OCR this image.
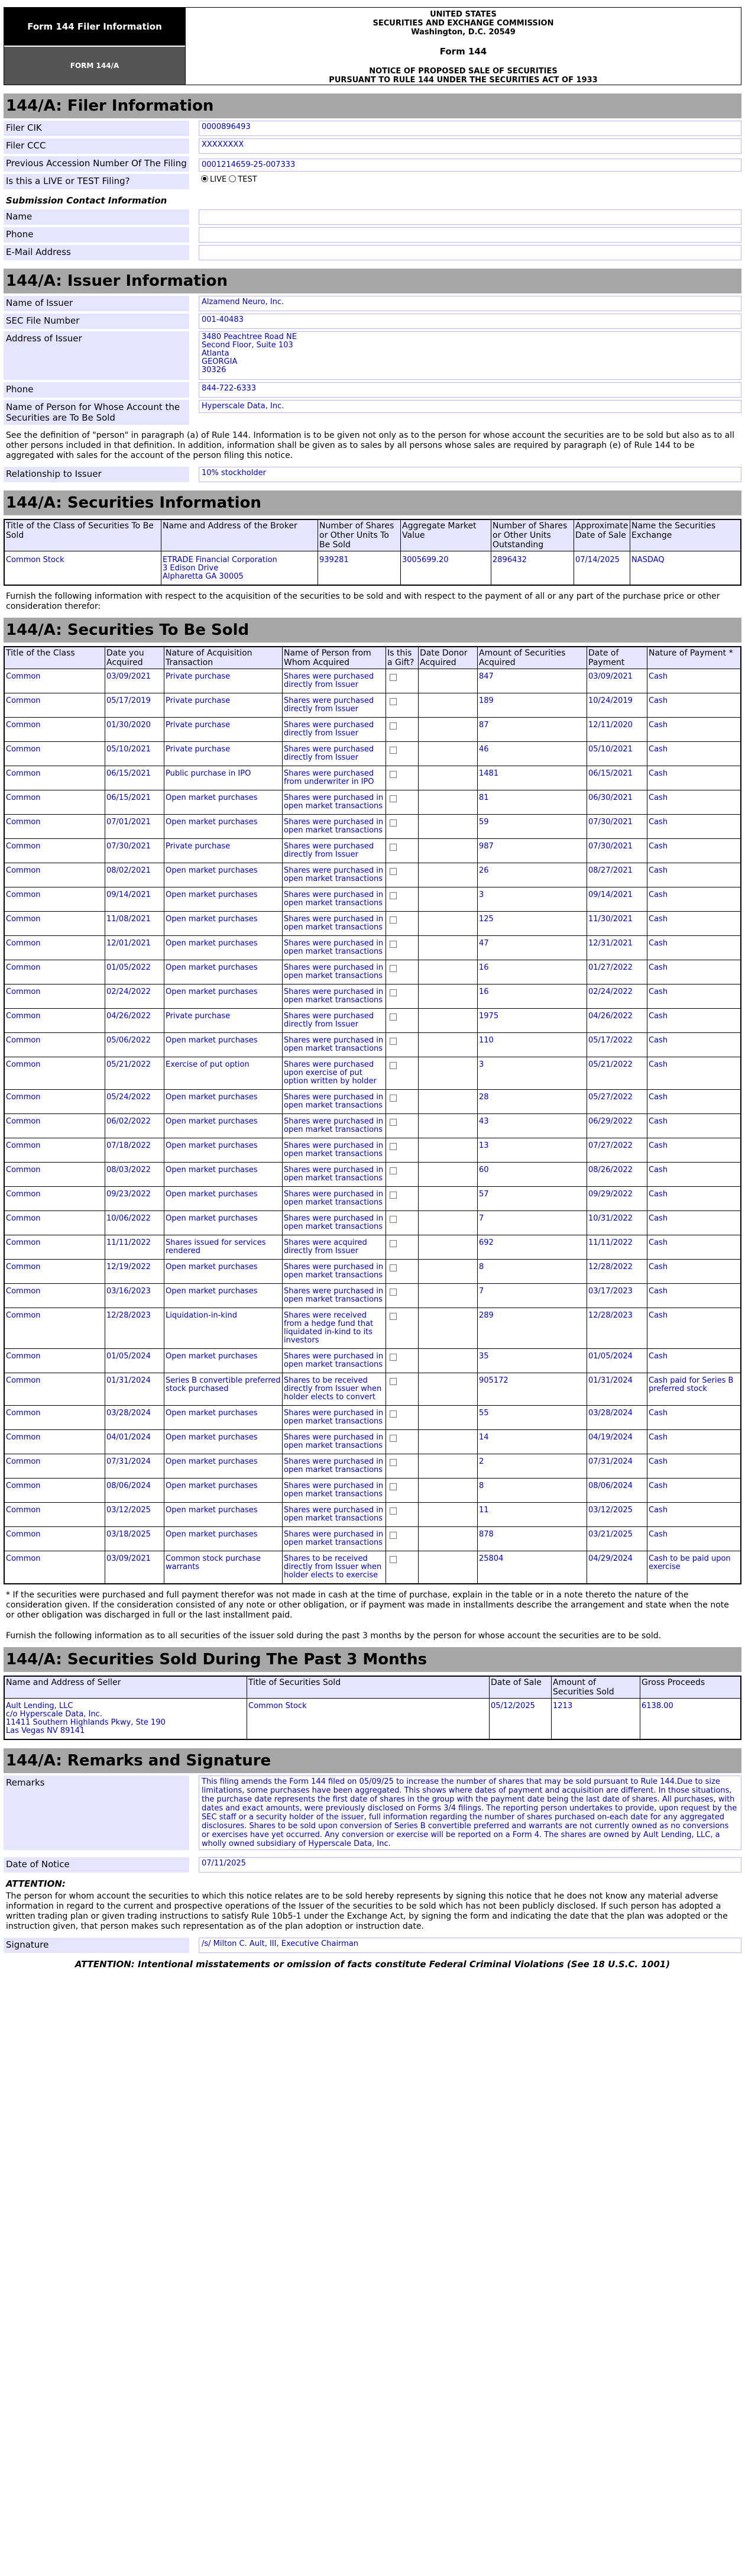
Form 144 Filer Information
FORM 144/A
UNITED STATES
SECURITIES AND EXCHANGE COMMISSION
Washington, D.C. 20549
Form 144
NOTICE OF PROPOSED SALE OF SECURITIES
PURSUANT TO RULE 144 UNDER THE SECURITIES ACT OF 1933
144/A: Filer Information
Filer CIK	0000896493
Filer CCC	XXXXXXXX
Previous Accession Number Of The Filing	0001214659-25-007333
Is this a LIVE or TEST Filing?	LIVE TEST
Submission Contact Information
Name
Phone
E-Mail Address
144/A: Issuer Information
Name of Issuer	Alzamend Neuro, Inc.
SEC File Number	001-40483
Address of Issuer	3480 Peachtree Road NE
Second Floor, Suite 103
Atlanta
GEORGIA
30326
Phone	844-722-6333
Name of Person for Whose Account the Securities are To Be Sold
Hyperscale Data, Inc.
See the definition of "person" in paragraph (a) of Rule 144. Information is to be given not only as to the person for whose account the securities are to be sold but also as to all other persons included in that definition. In addition, information shall be given as to sales by all persons whose sales are required by paragraph (e) of Rule 144 to be aggregated with sales for the account of the person filing this notice.
Relationship to Issuer	10% stockholder
144/A: Securities Information
Title of the Class of Securities To Be Sold	Name and Address of the Broker	Number of Shares or Other Units To Be Sold	Aggregate Market Value	Number of Shares or Other Units Outstanding	Approximate Date of Sale	Name the Securities Exchange
Common Stock	ETRADE Financial Corporation
3 Edison Drive
Alpharetta GA 30005	939281	3005699.20	2896432	07/14/2025	NASDAQ
Furnish the following information with respect to the acquisition of the securities to be sold and with respect to the payment of all or any part of the purchase price or other consideration therefor:
144/A: Securities To Be Sold
Title of the Class	Date you Acquired	Nature of Acquisition Transaction	Name of Person from Whom Acquired	Is this a Gift?	Date Donor Acquired	Amount of Securities Acquired	Date of Payment	Nature of Payment *
Common	03/09/2021	Private purchase	Shares were purchased directly from Issuer			847	03/09/2021	Cash
Common	05/17/2019	Private purchase	Shares were purchased directly from Issuer			189	10/24/2019	Cash
Common	01/30/2020	Private purchase	Shares were purchased directly from Issuer			87	12/11/2020	Cash
Common	05/10/2021	Private purchase	Shares were purchased directly from Issuer			46	05/10/2021	Cash
Common	06/15/2021	Public purchase in IPO	Shares were purchased from underwriter in IPO			1481	06/15/2021	Cash
Common	06/15/2021	Open market purchases	Shares were purchased in open market transactions			81	06/30/2021	Cash
Common	07/01/2021	Open market purchases	Shares were purchased in open market transactions			59	07/30/2021	Cash
Common	07/30/2021	Private purchase	Shares were purchased directly from Issuer			987	07/30/2021	Cash
Common	08/02/2021	Open market purchases	Shares were purchased in open market transactions			26	08/27/2021	Cash
Common	09/14/2021	Open market purchases	Shares were purchased in open market transactions			3	09/14/2021	Cash
Common	11/08/2021	Open market purchases	Shares were purchased in open market transactions			125	11/30/2021	Cash
Common	12/01/2021	Open market purchases	Shares were purchased in open market transactions			47	12/31/2021	Cash
Common	01/05/2022	Open market purchases	Shares were purchased in open market transactions			16	01/27/2022	Cash
Common	02/24/2022	Open market purchases	Shares were purchased in open market transactions			16	02/24/2022	Cash
Common	04/26/2022	Private purchase	Shares were purchased directly from Issuer			1975	04/26/2022	Cash
Common	05/06/2022	Open market purchases	Shares were purchased in open market transactions			110	05/17/2022	Cash
Common	05/21/2022	Exercise of put option	Shares were purchased upon exercise of put option written by holder			3	05/21/2022	Cash
Common	05/24/2022	Open market purchases	Shares were purchased in open market transactions			28	05/27/2022	Cash
Common	06/02/2022	Open market purchases	Shares were purchased in open market transactions			43	06/29/2022	Cash
Common	07/18/2022	Open market purchases	Shares were purchased in open market transactions			13	07/27/2022	Cash
Common	08/03/2022	Open market purchases	Shares were purchased in open market transactions			60	08/26/2022	Cash
Common	09/23/2022	Open market purchases	Shares were purchased in open market transactions			57	09/29/2022	Cash
Common	10/06/2022	Open market purchases	Shares were purchased in open market transactions			7	10/31/2022	Cash
Common	11/11/2022	Shares issued for services rendered	Shares were acquired directly from Issuer			692	11/11/2022	Cash
Common	12/19/2022	Open market purchases	Shares were purchased in open market transactions			8	12/28/2022	Cash
Common	03/16/2023	Open market purchases	Shares were purchased in open market transactions			7	03/17/2023	Cash
Common	12/28/2023	Liquidation-in-kind	Shares were received from a hedge fund that liquidated in-kind to its investors			289	12/28/2023	Cash
Common	01/05/2024	Open market purchases	Shares were purchased in open market transactions			35	01/05/2024	Cash
Common	01/31/2024	Series B convertible preferred stock purchased	Shares to be received directly from Issuer when holder elects to convert			905172	01/31/2024	Cash paid for Series B preferred stock
Common	03/28/2024	Open market purchases	Shares were purchased in open market transactions			55	03/28/2024	Cash
Common	04/01/2024	Open market purchases	Shares were purchased in open market transactions			14	04/19/2024	Cash
Common	07/31/2024	Open market purchases	Shares were purchased in open market transactions			2	07/31/2024	Cash
Common	08/06/2024	Open market purchases	Shares were purchased in open market transactions			8	08/06/2024	Cash
Common	03/12/2025	Open market purchases	Shares were purchased in open market transactions			11	03/12/2025	Cash
Common	03/18/2025	Open market purchases	Shares were purchased in open market transactions			878	03/21/2025	Cash
Common	03/09/2021	Common stock purchase warrants	Shares to be received directly from Issuer when holder elects to exercise			25804	04/29/2024	Cash to be paid upon exercise
* If the securities were purchased and full payment therefor was not made in cash at the time of purchase, explain in the table or in a note thereto the nature of the consideration given. If the consideration consisted of any note or other obligation, or if payment was made in installments describe the arrangement and state when the note or other obligation was discharged in full or the last installment paid.
Furnish the following information as to all securities of the issuer sold during the past 3 months by the person for whose account the securities are to be sold.
144/A: Securities Sold During The Past 3 Months
Name and Address of Seller	Title of Securities Sold	Date of Sale	Amount of Securities Sold	Gross Proceeds
Ault Lending, LLC
c/o Hyperscale Data, Inc.
11411 Southern Highlands Pkwy, Ste 190
Las Vegas NV 89141	Common Stock	05/12/2025	1213	6138.00
144/A: Remarks and Signature
Remarks	This filing amends the Form 144 filed on 05/09/25 to increase the number of shares that may be sold pursuant to Rule 144.Due to size limitations, some purchases have been aggregated. This shows where dates of payment and acquisition are different. In those situations, the purchase date represents the first date of shares in the group with the payment date being the last date of shares. All purchases, with dates and exact amounts, were previously disclosed on Forms 3/4 filings. The reporting person undertakes to provide, upon request by the SEC staff or a security holder of the issuer, full information regarding the number of shares purchased on-each date for any aggregated disclosures. Shares to be sold upon conversion of Series B convertible preferred and warrants are not currently owned as no conversions or exercises have yet occurred. Any conversion or exercise will be reported on a Form 4. The shares are owned by Ault Lending, LLC, a wholly owned subsidiary of Hyperscale Data, Inc.
Date of Notice	07/11/2025
ATTENTION:
The person for whom account the securities to which this notice relates are to be sold hereby represents by signing this notice that he does not know any material adverse information in regard to the current and prospective operations of the Issuer of the securities to be sold which has not been publicly disclosed. If such person has adopted a written trading plan or given trading instructions to satisfy Rule 10b5-1 under the Exchange Act, by signing the form and indicating the date that the plan was adopted or the instruction given, that person makes such representation as of the plan adoption or instruction date.
Signature	/s/ Milton C. Ault, III, Executive Chairman
ATTENTION: Intentional misstatements or omission of facts constitute Federal Criminal Violations (See 18 U.S.C. 1001)
